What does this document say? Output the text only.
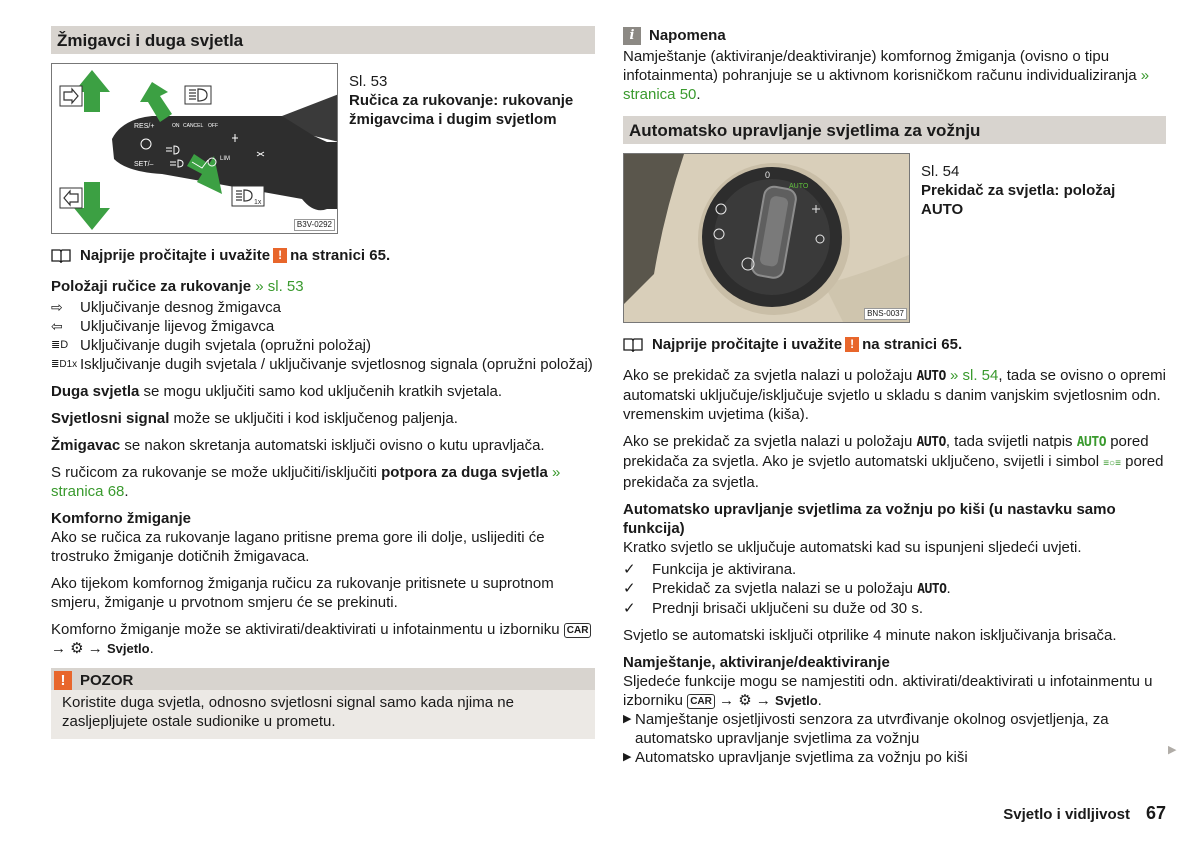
Žmigavci i duga svjetla
1x
RES/+	ON CANCEL OFF
SET/–
LIM
B3V-0292
Sl. 53
Ručica za rukovanje: rukovanje žmigavcima i dugim svjetlom
Najprije pročitajte i uvažite ! na stranici 65.
Položaji ručice za rukovanje » sl. 53
⇨	Uključivanje desnog žmigavca
⇦	Uključivanje lijevog žmigavca
≣D Uključivanje dugih svjetala (opružni položaj)
≣D1x Isključivanje dugih svjetala / uključivanje svjetlosnog signala (opružni položaj)

Duga svjetla se mogu uključiti samo kod uključenih kratkih svjetala.

Svjetlosni signal može se uključiti i kod isključenog paljenja.

Žmigavac se nakon skretanja automatski isključi ovisno o kutu upravljača.

S ručicom za rukovanje se može uključiti/isključiti potpora za duga svjetla » stranica 68.

Komforno žmiganje

Ako se ručica za rukovanje lagano pritisne prema gore ili dolje, uslijediti će trostruko žmiganje dotičnih žmigavaca.

Ako tijekom komfornog žmiganja ručicu za rukovanje pritisnete u suprotnom smjeru, žmiganje u prvotnom smjeru će se prekinuti.

Komforno žmiganje može se aktivirati/deaktivirati u infotainmentu u izborniku CAR → ⚙ → Svjetlo.

! POZOR
Koristite duga svjetla, odnosno svjetlosni signal samo kada njima ne zasljepljujete ostale sudionike u prometu.
i Napomena

Namještanje (aktiviranje/deaktiviranje) komfornog žmiganja (ovisno o tipu infotainmenta) pohranjuje se u aktivnom korisničkom računu individualiziranja » stranica 50.

Automatsko upravljanje svjetlima za vožnju
0
AUTO
BNS-0037
Sl. 54
Prekidač za svjetla: položaj AUTO
Najprije pročitajte i uvažite ! na stranici 65.

Ako se prekidač za svjetla nalazi u položaju AUTO » sl. 54, tada se ovisno o opremi automatski uključuje/isključuje svjetlo u skladu s danim vanjskim svjetlosnim odn. vremenskim uvjetima (kiša).

Ako se prekidač za svjetla nalazi u položaju AUTO, tada svijetli natpis AUTO pored prekidača za svjetla. Ako je svjetlo automatski uključeno, svijetli i simbol ≡○≡ pored prekidača za svjetla.

Automatsko upravljanje svjetlima za vožnju po kiši (u nastavku samo funkcija)
Kratko svjetlo se uključuje automatski kad su ispunjeni sljedeći uvjeti.
✓	Funkcija je aktivirana.
✓	Prekidač za svjetla nalazi se u položaju AUTO.
✓	Prednji brisači uključeni su duže od 30 s.

Svjetlo se automatski isključi otprilike 4 minute nakon isključivanja brisača.

Namještanje, aktiviranje/deaktiviranje
Sljedeće funkcije mogu se namjestiti odn. aktivirati/deaktivirati u infotainmentu u izborniku CAR → ⚙ → Svjetlo.
▶ Namještanje osjetljivosti senzora za utvrđivanje okolnog osvjetljenja, za automatsko upravljanje svjetlima za vožnju
▶ Automatsko upravljanje svjetlima za vožnju po kiši	▶
Svjetlo i vidljivost 67
